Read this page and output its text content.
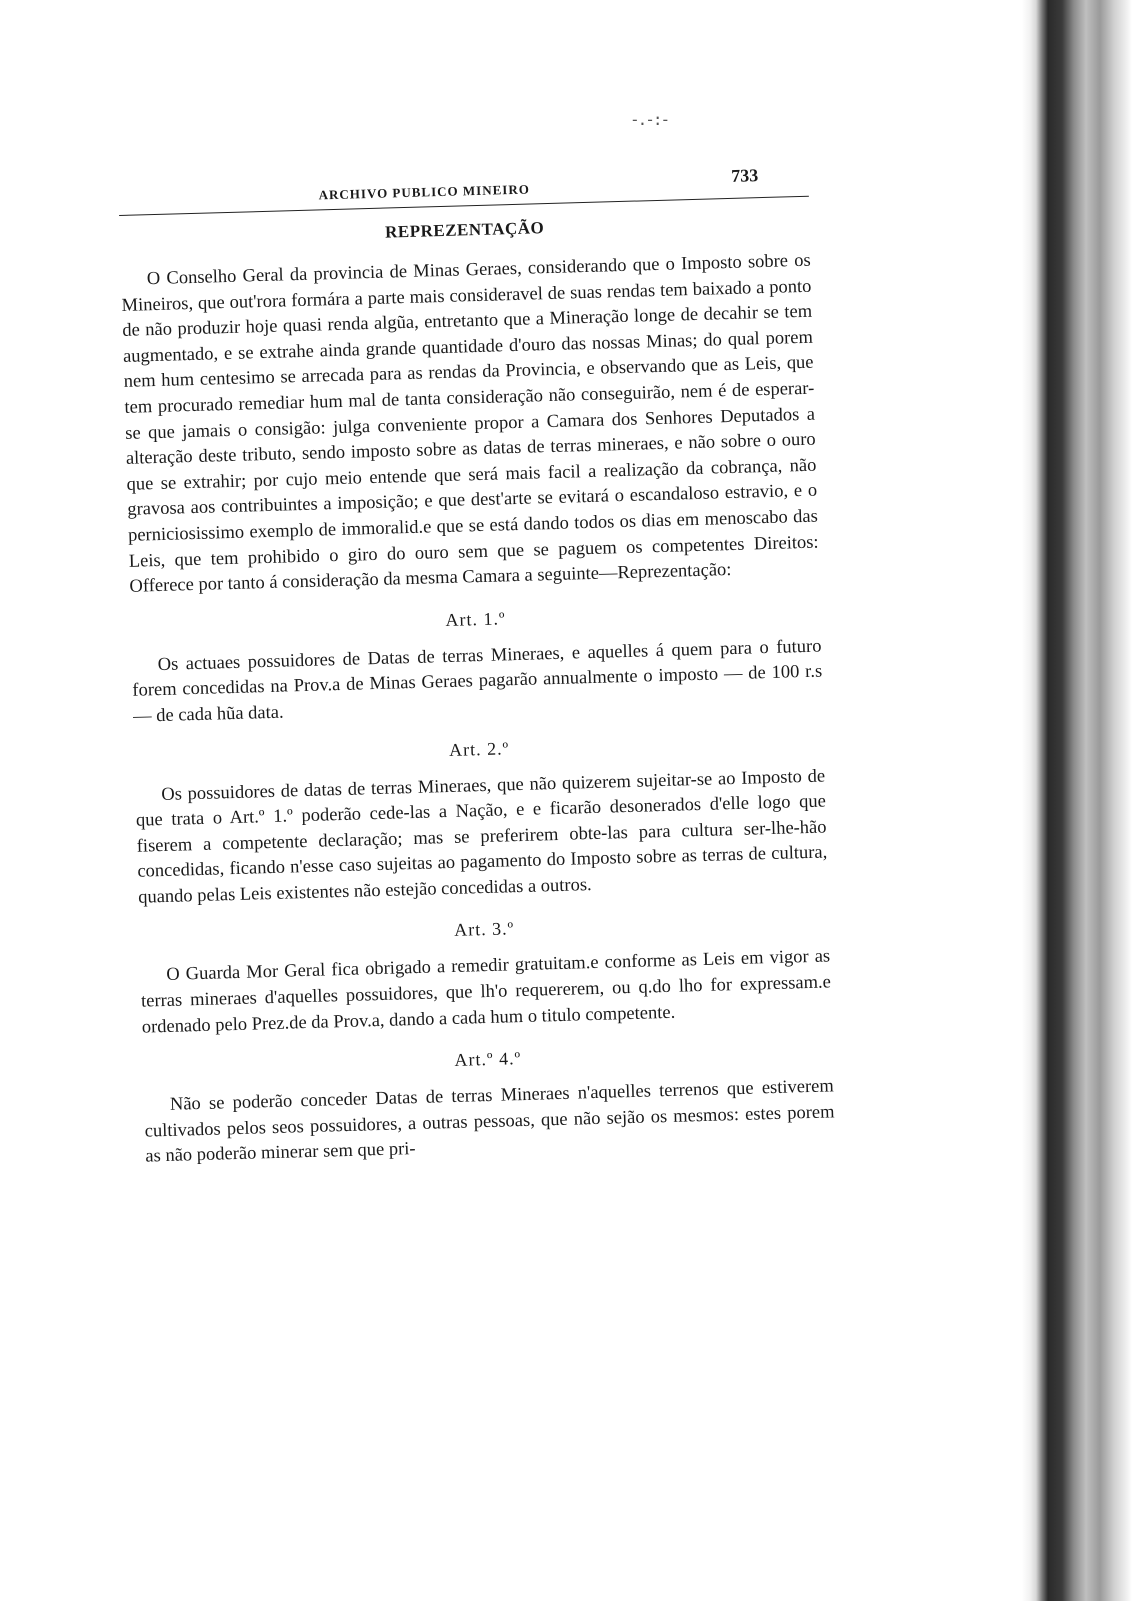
-.-:-
ARCHIVO PUBLICO MINEIRO
733
REPREZENTAÇÃO

O Conselho Geral da provincia de Minas Geraes, considerando que o Imposto sobre os Mineiros, que out'rora formára a parte mais consideravel de suas rendas tem baixado a ponto de não produzir hoje quasi renda algũa, entretanto que a Mineração longe de decahir se tem augmentado, e se extrahe ainda grande quantidade d'ouro das nossas Minas; do qual porem nem hum centesimo se arrecada para as rendas da Provincia, e observando que as Leis, que tem procurado remediar hum mal de tanta consideração não conseguirão, nem é de esperar-se que jamais o consigão: julga conveniente propor a Camara dos Senhores Deputados a alteração deste tributo, sendo imposto sobre as datas de terras mineraes, e não sobre o ouro que se extrahir; por cujo meio entende que será mais facil a realização da cobrança, não gravosa aos contribuintes a imposição; e que dest'arte se evitará o escandaloso estravio, e o perniciosissimo exemplo de immoralid.e que se está dando todos os dias em menoscabo das Leis, que tem prohibido o giro do ouro sem que se paguem os competentes Direitos: Offerece por tanto á consideração da mesma Camara a seguinte—Reprezentação:

Art. 1.º

Os actuaes possuidores de Datas de terras Mineraes, e aquelles á quem para o futuro forem concedidas na Prov.a de Minas Geraes pagarão annualmente o imposto — de 100 r.s — de cada hũa data.

Art. 2.º

Os possuidores de datas de terras Mineraes, que não quizerem sujeitar-se ao Imposto de que trata o Art.º 1.º poderão cede-las a Nação, e e ficarão desonerados d'elle logo que fiserem a competente declaração; mas se preferirem obte-las para cultura ser-lhe-hão concedidas, ficando n'esse caso sujeitas ao pagamento do Imposto sobre as terras de cultura, quando pelas Leis existentes não estejão concedidas a outros.

Art. 3.º

O Guarda Mor Geral fica obrigado a remedir gratuitam.e conforme as Leis em vigor as terras mineraes d'aquelles possuidores, que lh'o requererem, ou q.do lho for expressam.e ordenado pelo Prez.de da Prov.a, dando a cada hum o titulo competente.

Art.º 4.º

Não se poderão conceder Datas de terras Mineraes n'aquelles terrenos que estiverem cultivados pelos seos possuidores, a outras pessoas, que não sejão os mesmos: estes porem as não poderão minerar sem que pri-
